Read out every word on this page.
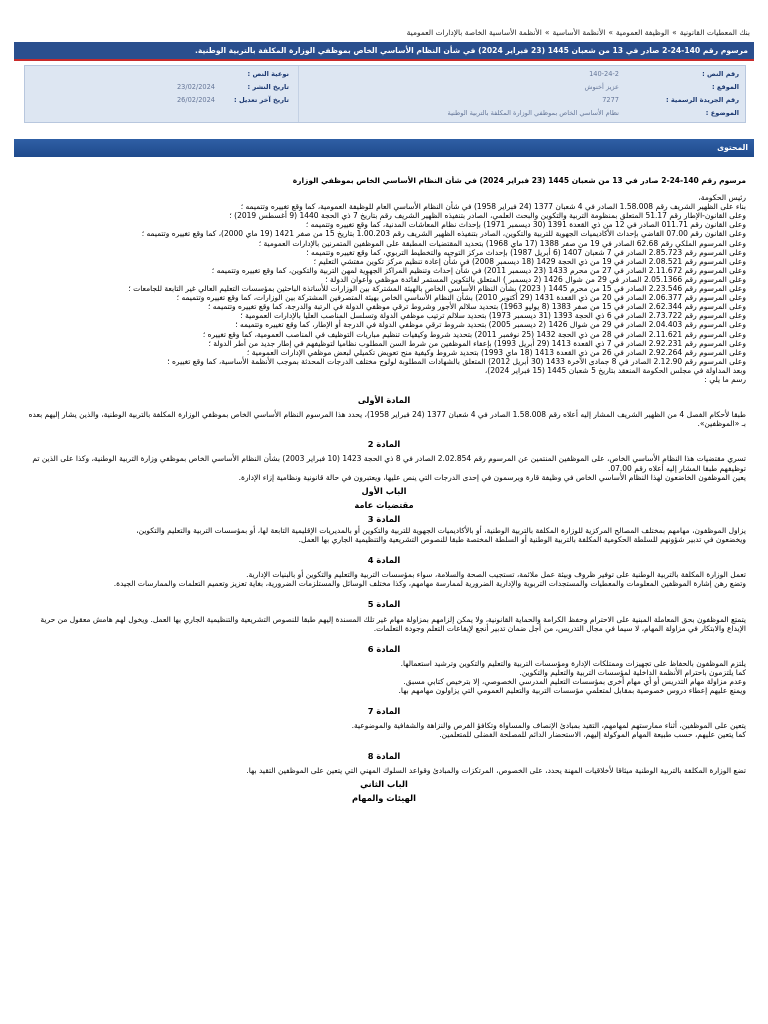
بنك المعطيات القانونية»الوظيفة العمومية»الأنظمة الأساسية»الأنظمة الأساسية الخاصة بالإدارات العمومية
مرسوم رقم 140-24-2 صادر في 13 من شعبان 1445 (23 فبراير 2024) في شأن النظام الأساسي الخاص بموظفي الوزارة المكلفة بالتربية الوطنية.
رقم النص :
140-24-2
نوعية النص :
الموقع :
عزيز أخنوش
تاريخ النشر :
23/02/2024
رقم الجريدة الرسمية :
7277
تاريخ آخر تعديل :
26/02/2024
الموضوع :
نظام الأساسي الخاص بموظفي الوزارة المكلفة بالتربية الوطنية
المحتوى

مرسوم رقم 140-24-2 صادر في 13 من شعبان 1445 (23 فبراير 2024) في شأن النظام الأساسي الخاص بموظفي الوزارة

رئيس الحكومة،

بناء على الظهير الشريف رقم 1.58.008 الصادر في 4 شعبان 1377 (24 فبراير 1958) في شأن النظام الأساسي العام للوظيفة العمومية، كما وقع تغييره وتتميمه ؛

وعلى القانون-الإطار رقم 51.17 المتعلق بمنظومة التربية والتكوين والبحث العلمي، الصادر بتنفيذه الظهير الشريف رقم بتاريخ 7 ذي الحجة 1440 (9 أغسطس 2019) ؛

وعلى القانون رقم 011.71 الصادر في 12 من ذي القعدة 1391 (30 ديسمبر 1971) بإحداث نظام المعاشات المدنية، كما وقع تغييره وتتميمه ؛

وعلى القانون رقم 07.00 القاضي بإحداث الأكاديميات الجهوية للتربية والتكوين، الصادر بتنفيذه الظهير الشريف رقم 1.00.203 بتاريخ 15 من صفر 1421 (19 ماي 2000)، كما وقع تغييره وتتميمه ؛

وعلى المرسوم الملكي رقم 62.68 الصادر في 19 من صفر 1388 (17 ماي 1968) بتحديد المقتضيات المطبقة على الموظفين المتمرنين بالإدارات العمومية ؛

وعلى المرسوم رقم 2.85.723 الصادر في 7 شعبان 1407 (6 أبريل 1987) بإحداث مركز التوجيه والتخطيط التربوي، كما وقع تغييره وتتميمه ؛

وعلى المرسوم رقم 2.08.521 الصادر في 19 من ذي الحجة 1429 (18 ديسمبر 2008) في شأن إعادة تنظيم مركز تكوين مفتشي التعليم ؛

وعلى المرسوم رقم 2.11.672 الصادر في 27 من محرم 1433 (23 ديسمبر 2011) في شأن إحداث وتنظيم المراكز الجهوية لمهن التربية والتكوين، كما وقع تغييره وتتميمه ؛

وعلى المرسوم رقم 2.05.1366 الصادر في 29 من شوال 1426 (2 ديسمبر ) المتعلق بالتكوين المستمر لفائدة موظفي وأعوان الدولة ؛

وعلى المرسوم رقم 2.23.546 الصادر في 15 من محرم 1445 ( 2023) بشأن النظام الأساسي الخاص بالهيئة المشتركة بين الوزارات للأساتذة الباحثين بمؤسسات التعليم العالي غير التابعة للجامعات ؛

وعلى المرسوم رقم 2.06.377 الصادر في 20 من ذي القعدة 1431 (29 أكتوبر 2010) بشأن النظام الأساسي الخاص بهيئة المتصرفين المشتركة بين الوزارات، كما وقع تغييره وتتميمه ؛

وعلى المرسوم رقم 2.62.344 الصادر في 15 من صفر 1383 (8 يوليو 1963) بتحديد سلالم الأجور وشروط ترقي موظفي الدولة في الرتبة والدرجة، كما وقع تغييره وتتميمه ؛

وعلى المرسوم رقم 2.73.722 الصادر في 6 ذي الحجة 1393 (31 ديسمبر 1973) بتحديد سلالم ترتيب موظفي الدولة وتسلسل المناصب العليا بالإدارات العمومية ؛

وعلى المرسوم رقم 2.04.403 الصادر في 29 من شوال 1426 (2 ديسمبر 2005) بتحديد شروط ترقي موظفي الدولة في الدرجة أو الإطار، كما وقع تغييره وتتميمه ؛

وعلى المرسوم رقم 2.11.621 الصادر في 28 من ذي الحجة 1432 (25 نوفمبر 2011) بتحديد شروط وكيفيات تنظيم مباريات التوظيف في المناصب العمومية، كما وقع تغييره ؛

وعلى المرسوم رقم 2.92.231 الصادر في 7 ذي القعدة 1413 (29 أبريل 1993) بإعفاء الموظفين من شرط السن المطلوب نظاميا لتوظيفهم في إطار جديد من أطر الدولة ؛

وعلى المرسوم رقم 2.92.264 الصادر في 26 من ذي القعدة 1413 (18 ماي 1993) بتحديد شروط وكيفية منح تعويض تكميلي لبعض موظفي الإدارات العمومية ؛

وعلى المرسوم رقم 2.12.90 الصادر في 8 جمادى الآخرة 1433 (30 أبريل 2012) المتعلق بالشهادات المطلوبة لولوج مختلف الدرجات المحدثة بموجب الأنظمة الأساسية، كما وقع تغييره ؛

وبعد المداولة في مجلس الحكومة المنعقد بتاريخ 5 شعبان 1445 (15 فبراير 2024)،

رسم ما يلي :

المادة الأولى

طبقا لأحكام الفصل 4 من الظهير الشريف المشار إليه أعلاه رقم 1.58.008 الصادر في 4 شعبان 1377 (24 فبراير 1958)، يحدد هذا المرسوم النظام الأساسي الخاص بموظفي الوزارة المكلفة بالتربية الوطنية، والذين يشار إليهم بعده بـ «الموظفين».

المادة 2

تسري مقتضيات هذا النظام الأساسي الخاص، على الموظفين المنتمين عن المرسوم رقم 2.02.854 الصادر في 8 ذي الحجة 1423 (10 فبراير 2003) بشأن النظام الأساسي الخاص بموظفي وزارة التربية الوطنية، وكذا على الذين تم توظيفهم طبقا المشار إليه أعلاه رقم 07.00.

يعين الموظفون الخاضعون لهذا النظام الأساسي الخاص في وظيفة قارة ويرسمون في إحدى الدرجات التي ينص عليها، ويعتبرون في حالة قانونية ونظامية إزاء الإدارة.

الباب الأول
مقتضيات عامة
المادة 3

يزاول الموظفون، مهامهم بمختلف المصالح المركزية للوزارة المكلفة بالتربية الوطنية، أو بالأكاديميات الجهوية للتربية والتكوين أو بالمديريات الإقليمية التابعة لها، أو بمؤسسات التربية والتعليم والتكوين،

ويخضعون في تدبير شؤونهم للسلطة الحكومية المكلفة بالتربية الوطنية أو السلطة المختصة طبقا للنصوص التشريعية والتنظيمية الجاري بها العمل.

المادة 4

تعمل الوزارة المكلفة بالتربية الوطنية على توفير ظروف وبيئة عمل ملائمة، تستجيب الصحة والسلامة، سواء بمؤسسات التربية والتعليم والتكوين أو بالبنيات الإدارية.

وتضع رهن إشارة الموظفين المعلومات والمعطيات والمستجدات التربوية والإدارية الضرورية لممارسة مهامهم، وكذا مختلف الوسائل والمستلزمات الضرورية، بغاية تعزيز وتعميم التعلمات والممارسات الجيدة.

المادة 5

يتمتع الموظفون بحق المعاملة المبنية على الاحترام وحفظ الكرامة والحماية القانونية، ولا يمكن إلزامهم بمزاولة مهام غير تلك المسندة إليهم طبقا للنصوص التشريعية والتنظيمية الجاري بها العمل. ويخول لهم هامش معقول من حرية الإبداع والابتكار في مزاولة المهام، لا سيما في مجال التدريس، من أجل ضمان تدبير أنجع لإيقاعات التعلم وجودة التعلمات.

المادة 6

يلتزم الموظفون بالحفاظ على تجهيزات وممتلكات الإدارة ومؤسسات التربية والتعليم والتكوين وترشيد استعمالها.

كما يلتزمون باحترام الأنظمة الداخلية لمؤسسات التربية والتعليم والتكوين.

وعدم مزاولة مهام التدريس أو أي مهام أخرى بمؤسسات التعليم المدرسي الخصوصي، إلا بترخيص كتابي مسبق.

ويمنع عليهم إعطاء دروس خصوصية بمقابل لمتعلمي مؤسسات التربية والتعليم العمومي التي يزاولون مهامهم بها.

المادة 7

يتعين على الموظفين، أثناء ممارستهم لمهامهم، التقيد بمبادئ الإنصاف والمساواة وتكافؤ الفرص والنزاهة والشفافية والموضوعية.

كما يتعين عليهم، حسب طبيعة المهام الموكولة إليهم، الاستحضار الدائم للمصلحة الفضلى للمتعلمين.

المادة 8

تضع الوزارة المكلفة بالتربية الوطنية ميثاقا لأخلاقيات المهنة يحدد، على الخصوص، المرتكزات والمبادئ وقواعد السلوك المهني التي يتعين على الموظفين التقيد بها.

الباب الثاني
الهيئات والمهام
